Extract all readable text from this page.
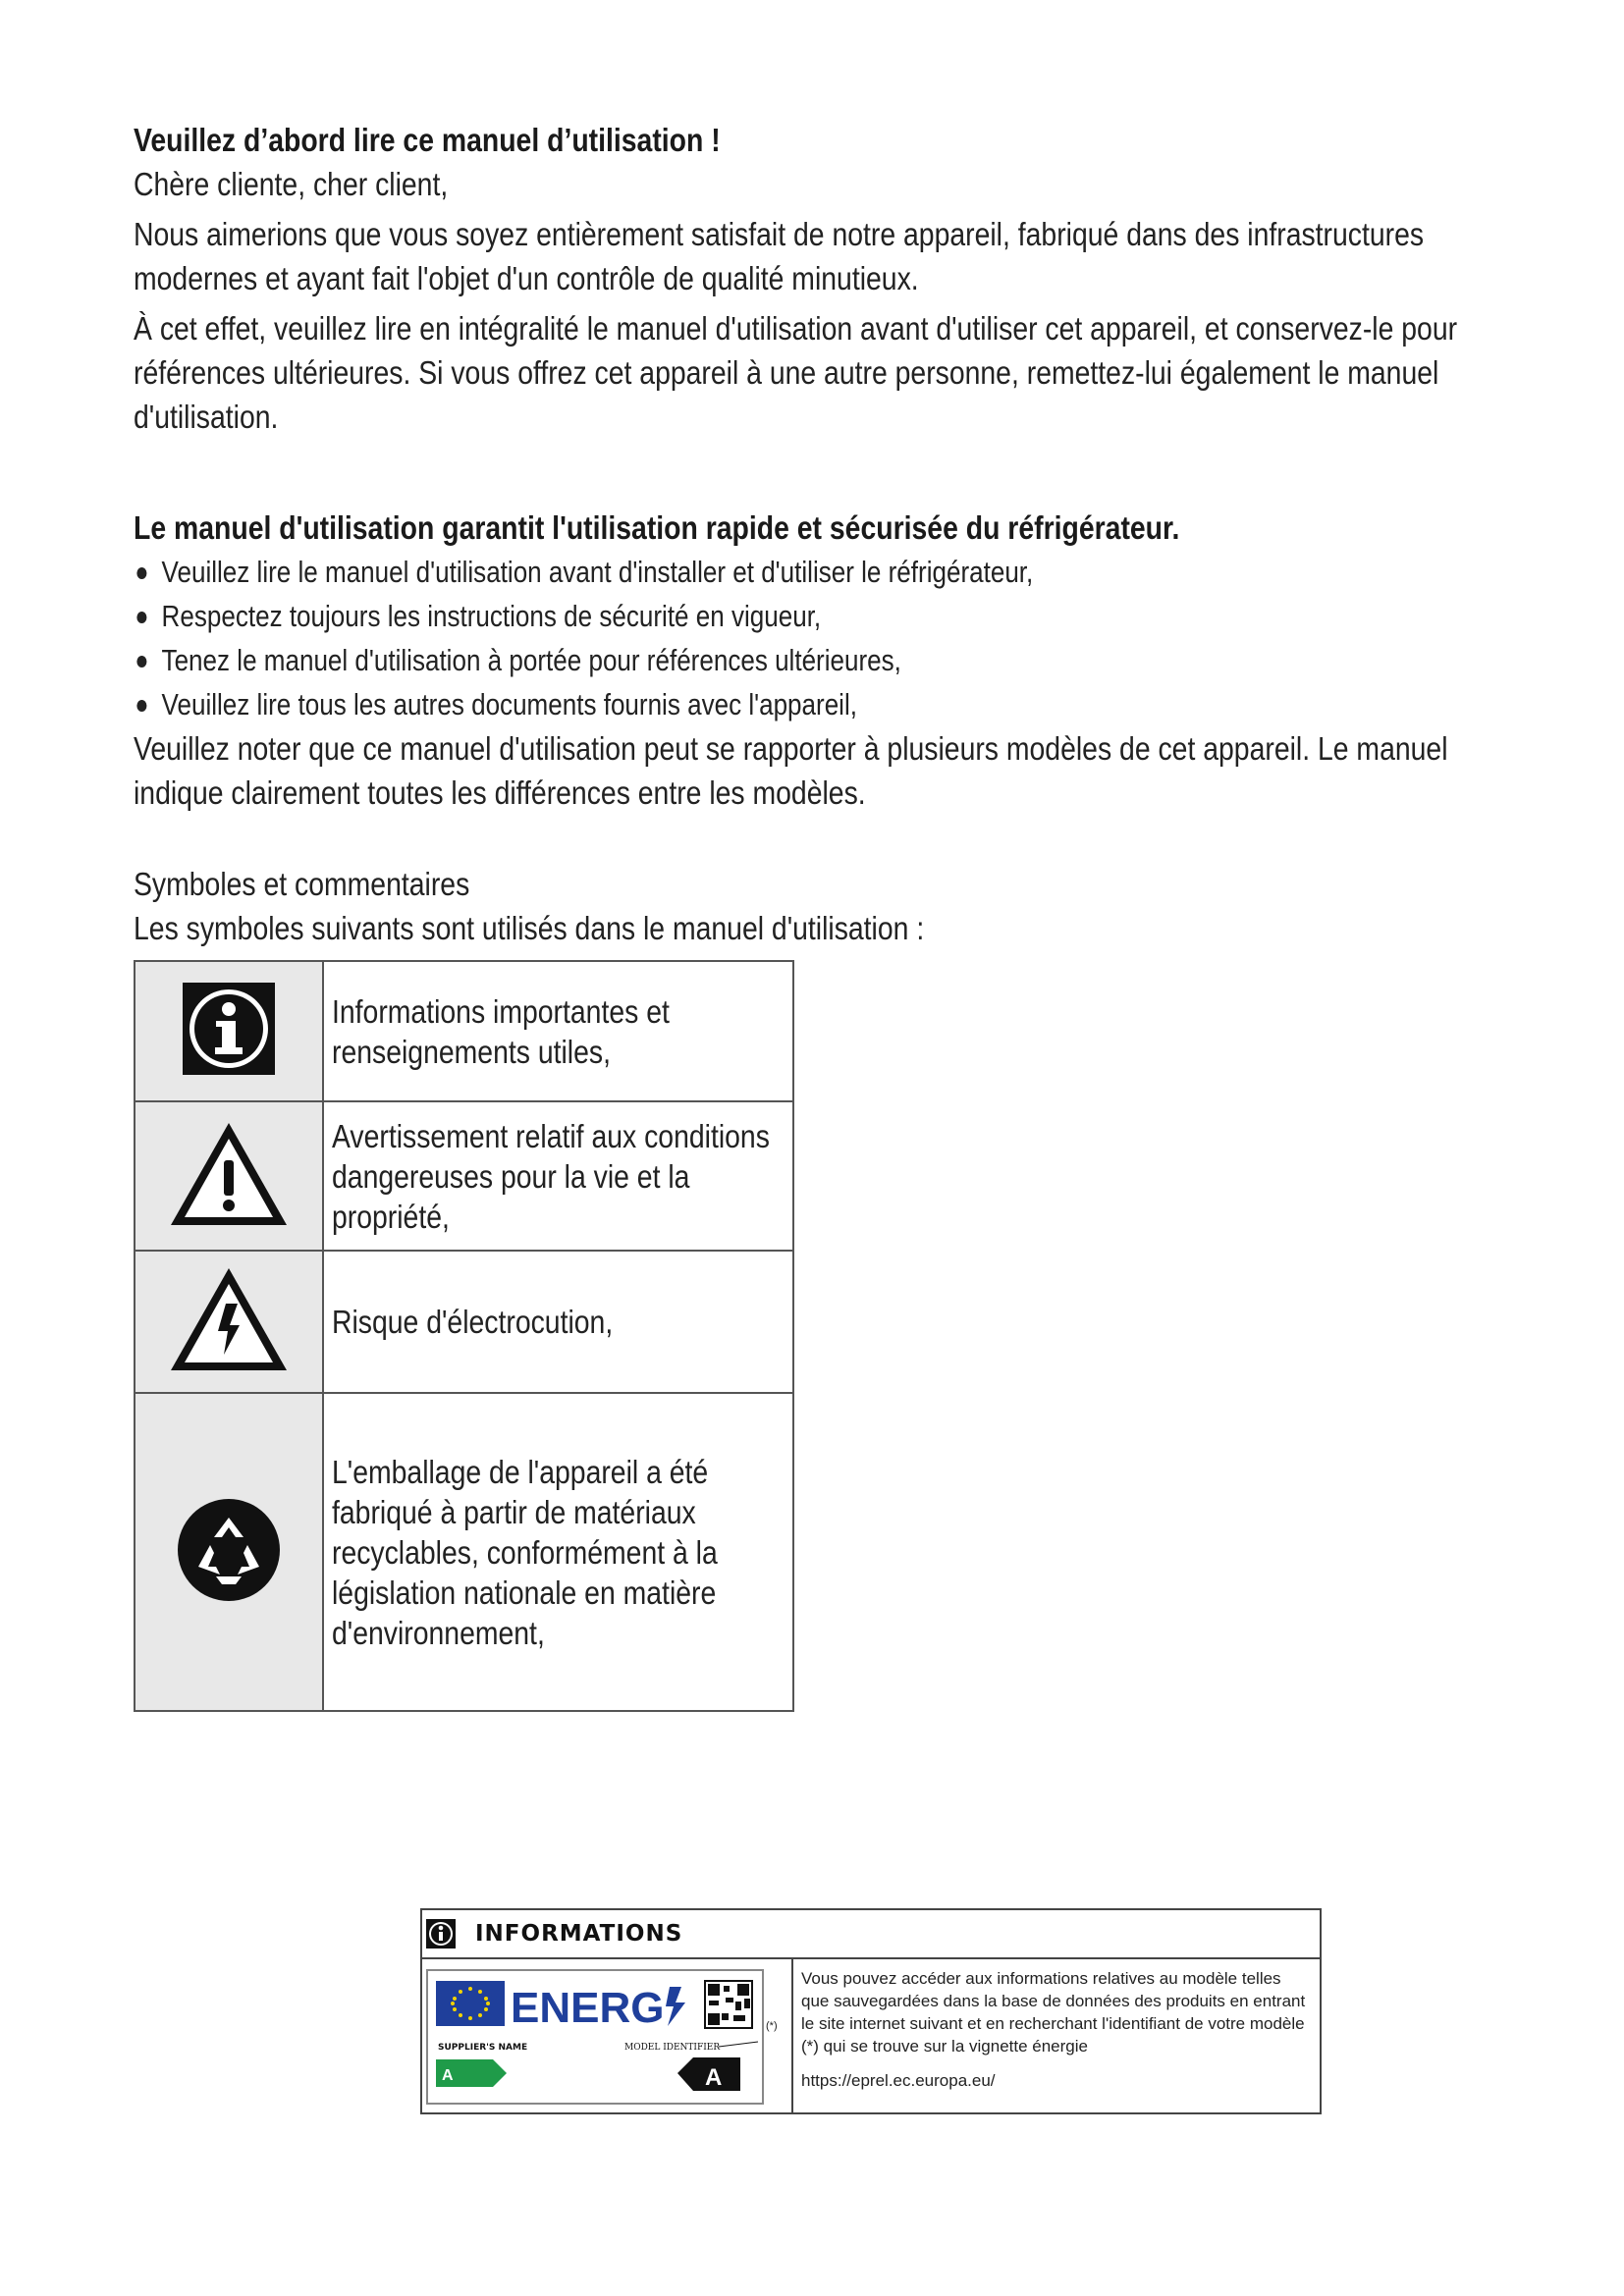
Veuillez d’abord lire ce manuel d’utilisation !

Chère cliente, cher client,

Nous aimerions que vous soyez entièrement satisfait de notre appareil, fabriqué dans des infrastructures modernes et ayant fait l'objet d'un contrôle de qualité minutieux.

À cet effet, veuillez lire en intégralité le manuel d'utilisation avant d'utiliser cet appareil, et conservez-le pour références ultérieures. Si vous offrez cet appareil à une autre personne, remettez-lui également le manuel d'utilisation.

Le manuel d'utilisation garantit l'utilisation rapide et sécurisée du réfrigérateur.

Veuillez lire le manuel d'utilisation avant d'installer et d'utiliser le réfrigérateur,
Respectez toujours les instructions de sécurité en vigueur,
Tenez le manuel d'utilisation à portée pour références ultérieures,
Veuillez lire tous les autres documents fournis avec l'appareil,

Veuillez noter que ce manuel d'utilisation peut se rapporter à plusieurs modèles de cet appareil. Le manuel indique clairement toutes les différences entre les modèles.

Symboles et commentaires

Les symboles suivants sont utilisés dans le manuel d'utilisation :

Informations importantes et renseignements utiles,

Avertissement relatif aux conditions dangereuses pour la vie et la propriété,

Risque d'électrocution,

L'emballage de l'appareil a été fabriqué à partir de matériaux recyclables, conformément à la législation nationale en matière d'environnement,
INFORMATIONS
ENERG
SUPPLIER'S NAME	MODEL IDENTIFIER
A	A
(*)
Vous pouvez accéder aux informations relatives au modèle telles que sauvegardées dans la base de données des produits en entrant le site internet suivant et en recherchant l'identifiant de votre modèle (*) qui se trouve sur la vignette énergie
https://eprel.ec.europa.eu/
